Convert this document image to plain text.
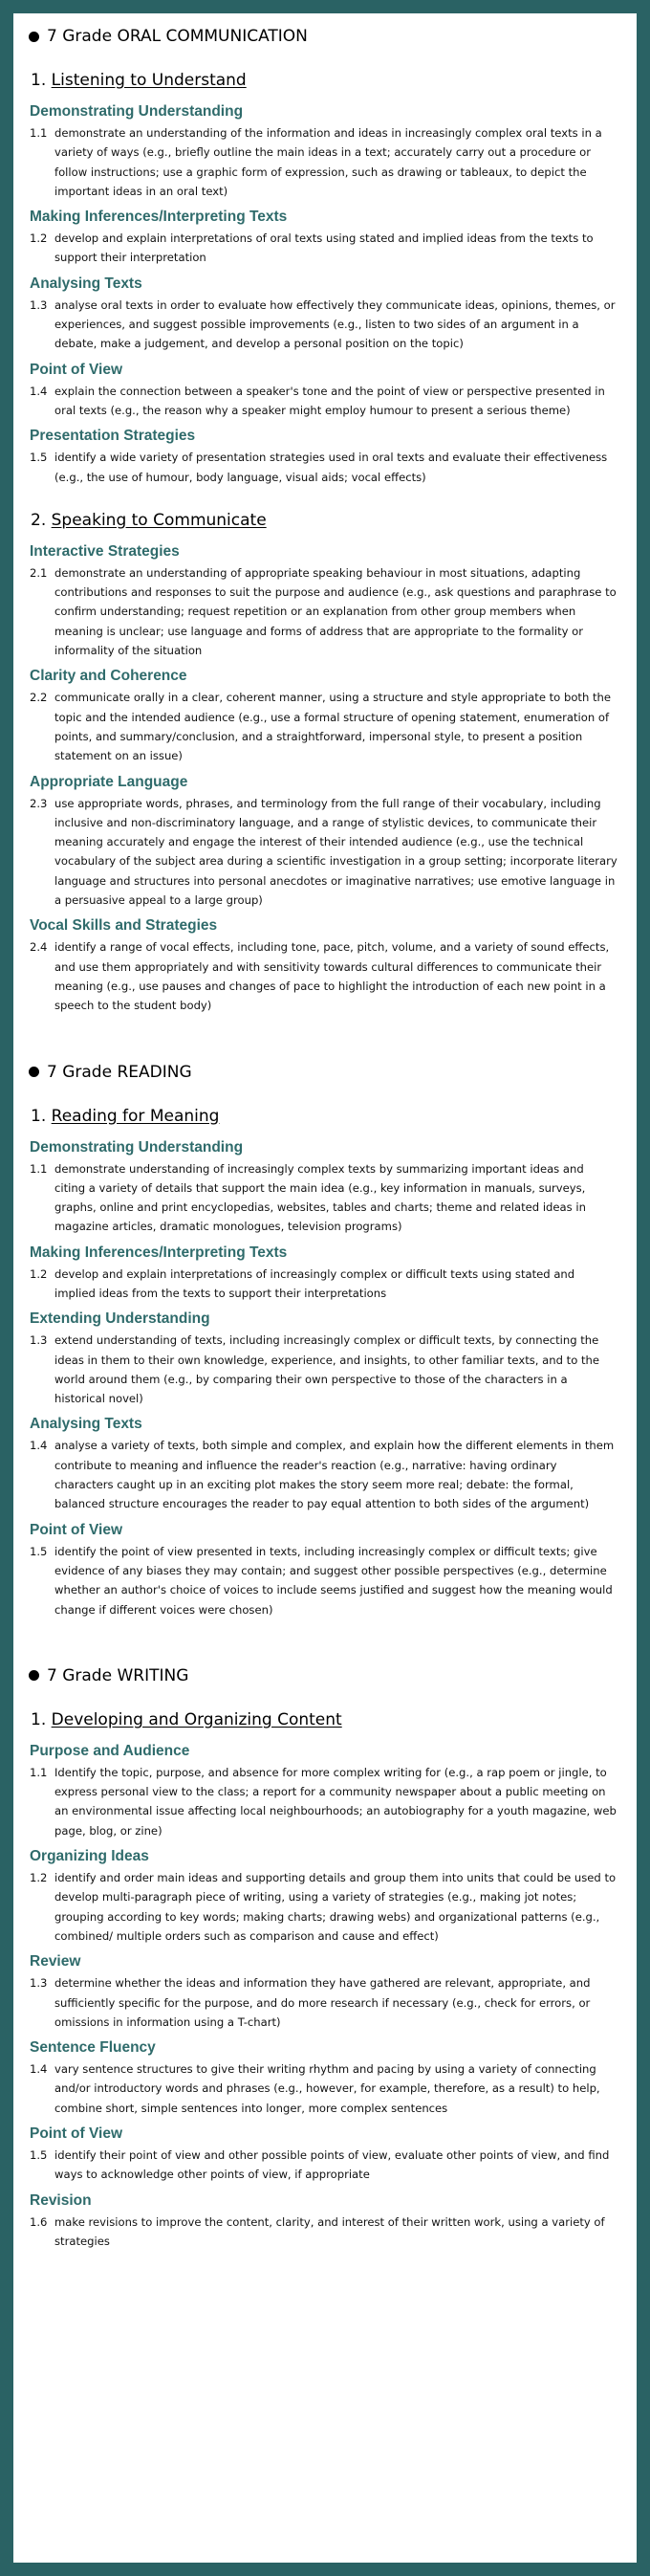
7 Grade ORAL COMMUNICATION
1. Listening to Understand
Demonstrating Understanding
1.1 demonstrate an understanding of the information and ideas in increasingly complex oral texts in a variety of ways (e.g., briefly outline the main ideas in a text; accurately carry out a procedure or follow instructions; use a graphic form of expression, such as drawing or tableaux, to depict the important ideas in an oral text)
Making Inferences/Interpreting Texts
1.2 develop and explain interpretations of oral texts using stated and implied ideas from the texts to support their interpretation
Analysing Texts
1.3 analyse oral texts in order to evaluate how effectively they communicate ideas, opinions, themes, or experiences, and suggest possible improvements (e.g., listen to two sides of an argument in a debate, make a judgement, and develop a personal position on the topic)
Point of View
1.4 explain the connection between a speaker's tone and the point of view or perspective presented in oral texts (e.g., the reason why a speaker might employ humour to present a serious theme)
Presentation Strategies
1.5 identify a wide variety of presentation strategies used in oral texts and evaluate their effectiveness (e.g., the use of humour, body language, visual aids; vocal effects)
2. Speaking to Communicate
Interactive Strategies
2.1 demonstrate an understanding of appropriate speaking behaviour in most situations, adapting contributions and responses to suit the purpose and audience (e.g., ask questions and paraphrase to confirm understanding; request repetition or an explanation from other group members when meaning is unclear; use language and forms of address that are appropriate to the formality or informality of the situation
Clarity and Coherence
2.2 communicate orally in a clear, coherent manner, using a structure and style appropriate to both the topic and the intended audience (e.g., use a formal structure of opening statement, enumeration of points, and summary/conclusion, and a straightforward, impersonal style, to present a position statement on an issue)
Appropriate Language
2.3 use appropriate words, phrases, and terminology from the full range of their vocabulary, including inclusive and non-discriminatory language, and a range of stylistic devices, to communicate their meaning accurately and engage the interest of their intended audience (e.g., use the technical vocabulary of the subject area during a scientific investigation in a group setting; incorporate literary language and structures into personal anecdotes or imaginative narratives; use emotive language in a persuasive appeal to a large group)
Vocal Skills and Strategies
2.4 identify a range of vocal effects, including tone, pace, pitch, volume, and a variety of sound effects, and use them appropriately and with sensitivity towards cultural differences to communicate their meaning (e.g., use pauses and changes of pace to highlight the introduction of each new point in a speech to the student body)
7 Grade READING
1. Reading for Meaning
Demonstrating Understanding
1.1 demonstrate understanding of increasingly complex texts by summarizing important ideas and citing a variety of details that support the main idea (e.g., key information in manuals, surveys, graphs, online and print encyclopedias, websites, tables and charts; theme and related ideas in magazine articles, dramatic monologues, television programs)
Making Inferences/Interpreting Texts
1.2 develop and explain interpretations of increasingly complex or difficult texts using stated and implied ideas from the texts to support their interpretations
Extending Understanding
1.3 extend understanding of texts, including increasingly complex or difficult texts, by connecting the ideas in them to their own knowledge, experience, and insights, to other familiar texts, and to the world around them (e.g., by comparing their own perspective to those of the characters in a historical novel)
Analysing Texts
1.4 analyse a variety of texts, both simple and complex, and explain how the different elements in them contribute to meaning and influence the reader's reaction (e.g., narrative: having ordinary characters caught up in an exciting plot makes the story seem more real; debate: the formal, balanced structure encourages the reader to pay equal attention to both sides of the argument)
Point of View
1.5 identify the point of view presented in texts, including increasingly complex or difficult texts; give evidence of any biases they may contain; and suggest other possible perspectives (e.g., determine whether an author's choice of voices to include seems justified and suggest how the meaning would change if different voices were chosen)
7 Grade WRITING
1. Developing and Organizing Content
Purpose and Audience
1.1 Identify the topic, purpose, and absence for more complex writing for (e.g., a rap poem or jingle, to express personal view to the class; a report for a community newspaper about a public meeting on an environmental issue affecting local neighbourhoods; an autobiography for a youth magazine, web page, blog, or zine)
Organizing Ideas
1.2 identify and order main ideas and supporting details and group them into units that could be used to develop multi-paragraph piece of writing, using a variety of strategies (e.g., making jot notes; grouping according to key words; making charts; drawing webs) and organizational patterns (e.g., combined/ multiple orders such as comparison and cause and effect)
Review
1.3 determine whether the ideas and information they have gathered are relevant, appropriate, and sufficiently specific for the purpose, and do more research if necessary (e.g., check for errors, or omissions in information using a T-chart)
Sentence Fluency
1.4 vary sentence structures to give their writing rhythm and pacing by using a variety of connecting and/or introductory words and phrases (e.g., however, for example, therefore, as a result) to help, combine short, simple sentences into longer, more complex sentences
Point of View
1.5 identify their point of view and other possible points of view, evaluate other points of view, and find ways to acknowledge other points of view, if appropriate
Revision
1.6 make revisions to improve the content, clarity, and interest of their written work, using a variety of strategies
